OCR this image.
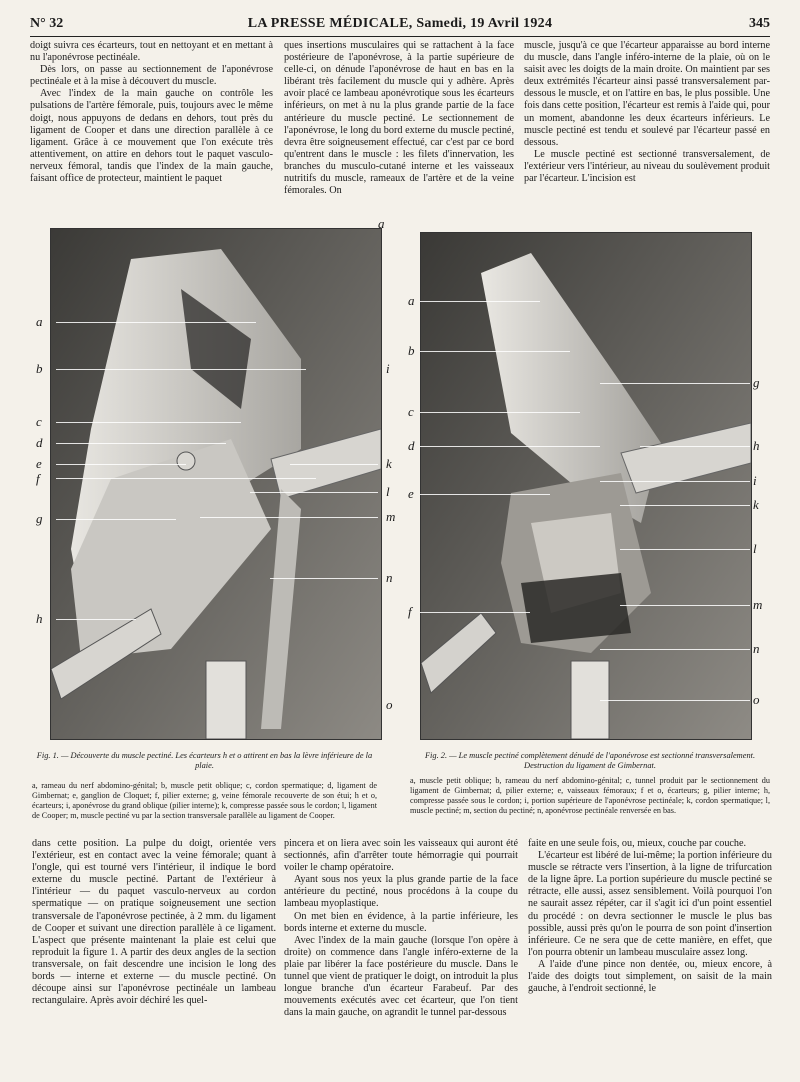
N° 32	LA PRESSE MÉDICALE, Samedi, 19 Avril 1924	345

doigt suivra ces écarteurs, tout en nettoyant et en mettant à nu l'aponévrose pectinéale.

Dès lors, on passe au sectionnement de l'aponévrose pectinéale et à la mise à découvert du muscle.

Avec l'index de la main gauche on contrôle les pulsations de l'artère fémorale, puis, toujours avec le même doigt, nous appuyons de dedans en dehors, tout près du ligament de Cooper et dans une direction parallèle à ce ligament. Grâce à ce mouvement que l'on exécute très attentivement, on attire en dehors tout le paquet vasculo-nerveux fémoral, tandis que l'index de la main gauche, faisant office de protecteur, maintient le paquet

ques insertions musculaires qui se rattachent à la face postérieure de l'aponévrose, à la partie supérieure de celle-ci, on dénude l'aponévrose de haut en bas en la libérant très facilement du muscle qui y adhère. Après avoir placé ce lambeau aponévrotique sous les écarteurs inférieurs, on met à nu la plus grande partie de la face antérieure du muscle pectiné. Le sectionnement de l'aponévrose, le long du bord externe du muscle pectiné, devra être soigneusement effectué, car c'est par ce bord qu'entrent dans le muscle : les filets d'innervation, les branches du musculo-cutané interne et les vaisseaux nutritifs du muscle, rameaux de l'artère et de la veine fémorales. On

muscle, jusqu'à ce que l'écarteur apparaisse au bord interne du muscle, dans l'angle inféro-interne de la plaie, où on le saisit avec les doigts de la main droite. On maintient par ses deux extrémités l'écarteur ainsi passé transversalement par-dessous le muscle, et on l'attire en bas, le plus possible. Une fois dans cette position, l'écarteur est remis à l'aide qui, pour un moment, abandonne les deux écarteurs inférieurs. Le muscle pectiné est tendu et soulevé par l'écarteur passé en dessous.

Le muscle pectiné est sectionné transversalement, de l'extérieur vers l'intérieur, au niveau du soulèvement produit par l'écarteur. L'incision est

a
b
c
d
e
f
g
h
a
i
k
l
m
n
o
a
b
c
d
e
f
g
h
i
k
l
m
n
o
Fig. 1. — Découverte du muscle pectiné. Les écarteurs h et o attirent en bas la lèvre inférieure de la plaie.
a, rameau du nerf abdomino-génital; b, muscle petit oblique; c, cordon spermatique; d, ligament de Gimbernat; e, ganglion de Cloquet; f, pilier externe; g, veine fémorale recouverte de son étui; h et o, écarteurs; i, aponévrose du grand oblique (pilier interne); k, compresse passée sous le cordon; l, ligament de Cooper; m, muscle pectiné vu par la section transversale parallèle au ligament de Cooper.
Fig. 2. — Le muscle pectiné complètement dénudé de l'aponévrose est sectionné transversalement. Destruction du ligament de Gimbernat.
a, muscle petit oblique; b, rameau du nerf abdomino-génital; c, tunnel produit par le sectionnement du ligament de Gimbernat; d, pilier externe; e, vaisseaux fémoraux; f et o, écarteurs; g, pilier interne; h, compresse passée sous le cordon; i, portion supérieure de l'aponévrose pectinéale; k, cordon spermatique; l, muscle pectiné; m, section du pectiné; n, aponévrose pectinéale renversée en bas.

dans cette position. La pulpe du doigt, orientée vers l'extérieur, est en contact avec la veine fémorale; quant à l'ongle, qui est tourné vers l'intérieur, il indique le bord externe du muscle pectiné. Partant de l'extérieur à l'intérieur — du paquet vasculo-nerveux au cordon spermatique — on pratique soigneusement une section transversale de l'aponévrose pectinée, à 2 mm. du ligament de Cooper et suivant une direction parallèle à ce ligament. L'aspect que présente maintenant la plaie est celui que reproduit la figure 1. A partir des deux angles de la section transversale, on fait descendre une incision le long des bords — interne et externe — du muscle pectiné. On découpe ainsi sur l'aponévrose pectinéale un lambeau rectangulaire. Après avoir déchiré les quel-

pincera et on liera avec soin les vaisseaux qui auront été sectionnés, afin d'arrêter toute hémorragie qui pourrait voiler le champ opératoire.

Ayant sous nos yeux la plus grande partie de la face antérieure du pectiné, nous procédons à la coupe du lambeau myoplastique.

On met bien en évidence, à la partie inférieure, les bords interne et externe du muscle.

Avec l'index de la main gauche (lorsque l'on opère à droite) on commence dans l'angle inféro-externe de la plaie par libérer la face postérieure du muscle. Dans le tunnel que vient de pratiquer le doigt, on introduit la plus longue branche d'un écarteur Farabeuf. Par des mouvements exécutés avec cet écarteur, que l'on tient dans la main gauche, on agrandit le tunnel par-dessous

faite en une seule fois, ou, mieux, couche par couche.

L'écarteur est libéré de lui-même; la portion inférieure du muscle se rétracte vers l'insertion, à la ligne de trifurcation de la ligne âpre. La portion supérieure du muscle pectiné se rétracte, elle aussi, assez sensiblement. Voilà pourquoi l'on ne saurait assez répéter, car il s'agit ici d'un point essentiel du procédé : on devra sectionner le muscle le plus bas possible, aussi près qu'on le pourra de son point d'insertion inférieure. Ce ne sera que de cette manière, en effet, que l'on pourra obtenir un lambeau musculaire assez long.

A l'aide d'une pince non dentée, ou, mieux encore, à l'aide des doigts tout simplement, on saisit de la main gauche, à l'endroit sectionné, le
